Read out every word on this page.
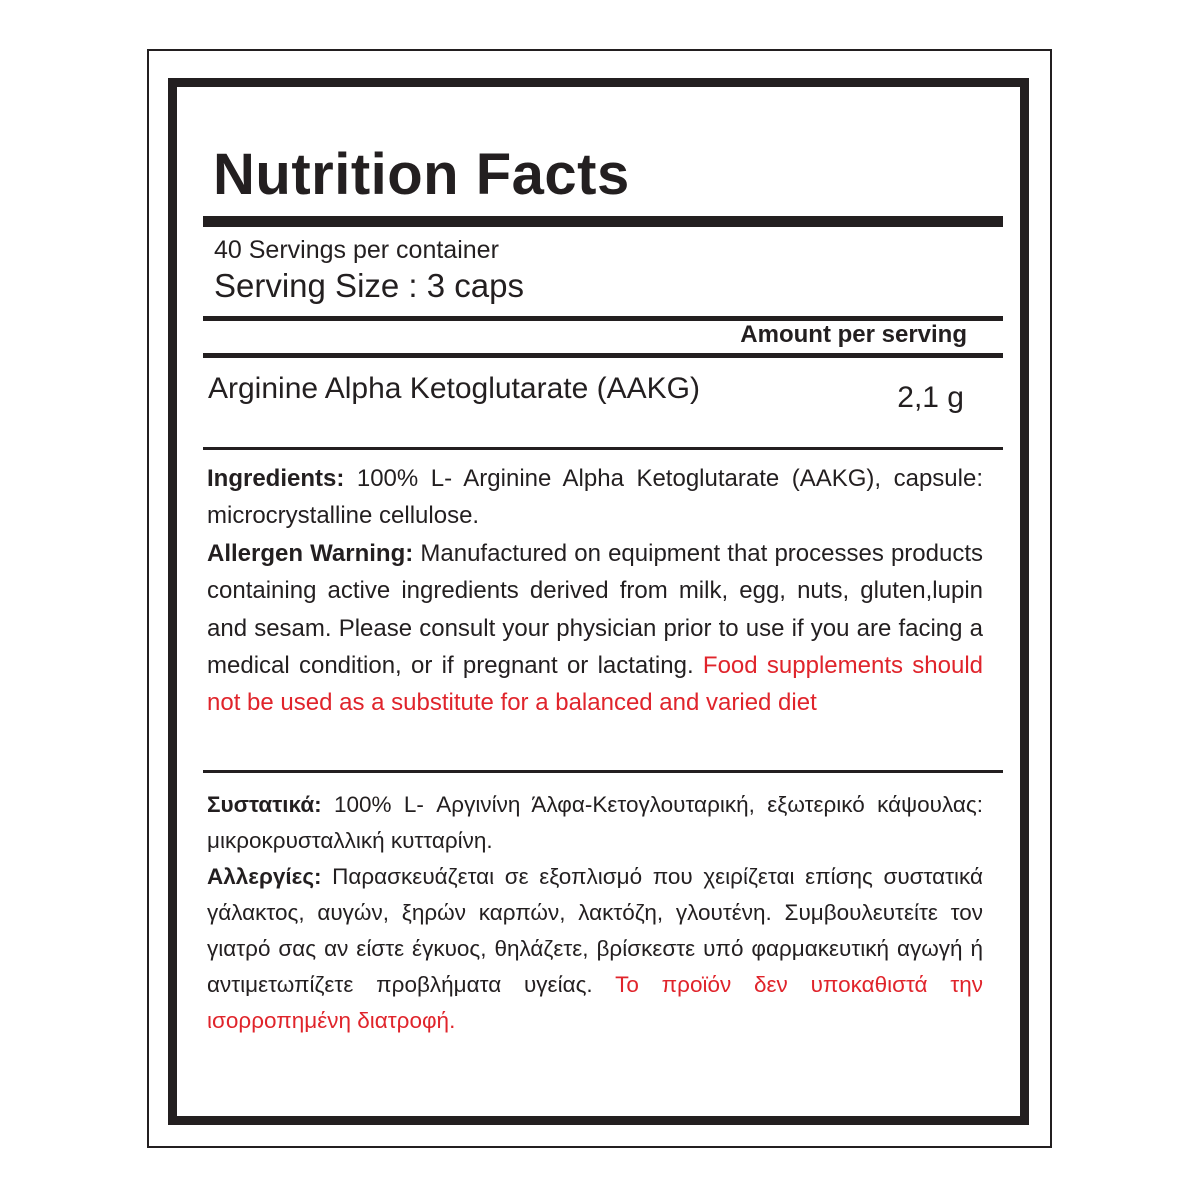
Nutrition Facts
40 Servings per container
Serving Size : 3 caps
Amount per serving
Arginine Alpha Ketoglutarate (AAKG)	2,1 g

Ingredients: 100% L- Arginine Alpha Ketoglutarate (AAKG), capsule: microcrystalline cellulose.

Allergen Warning: Manufactured on equipment that processes products containing active ingredients derived from milk, egg, nuts, gluten,lupin and sesam. Please consult your physician prior to use if you are facing a medical condition, or if pregnant or lactating. Food supplements should not be used as a substitute for a balanced and varied diet

Συστατικά: 100% L- Αργινίνη Άλφα-Κετογλουταρική, εξωτερικό κάψουλας: μικροκρυσταλλική κυτταρίνη.

Αλλεργίες: Παρασκευάζεται σε εξοπλισμό που χειρίζεται επίσης συστατικά γάλακτος, αυγών, ξηρών καρπών, λακτόζη, γλουτένη. Συμβουλευτείτε τον γιατρό σας αν είστε έγκυος, θηλάζετε, βρίσκεστε υπό φαρμακευτική αγωγή ή αντιμετωπίζετε προβλήματα υγείας. Το προϊόν δεν υποκαθιστά την ισορροπημένη διατροφή.
